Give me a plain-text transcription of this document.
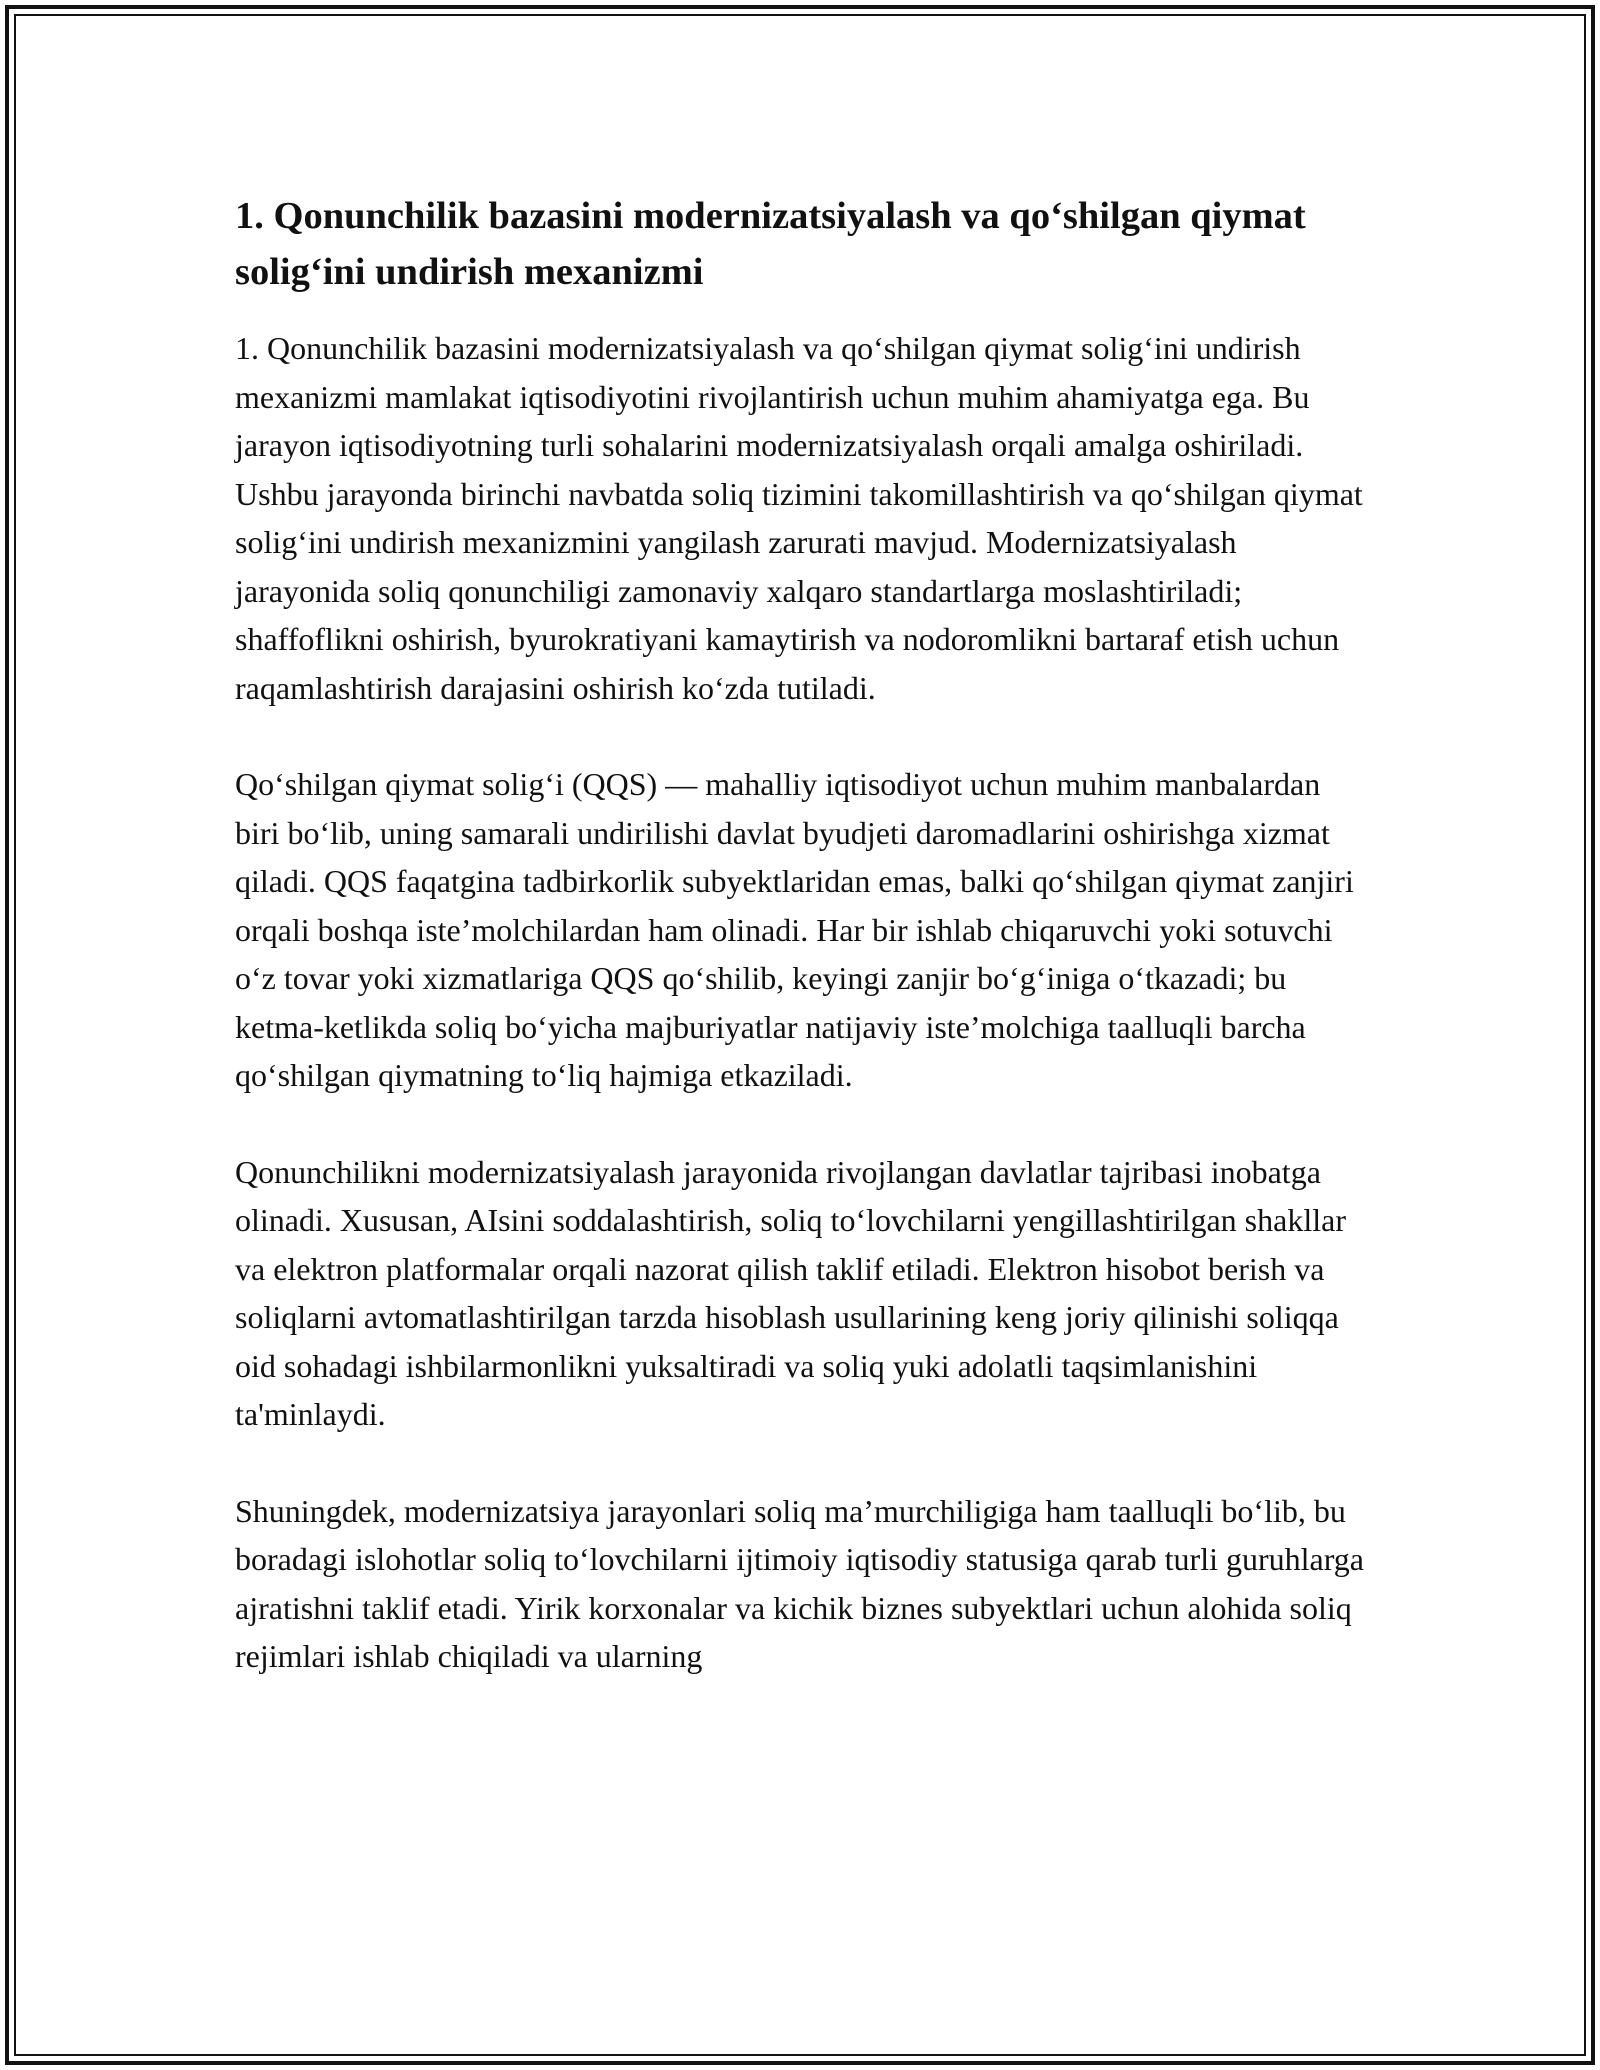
1. Qonunchilik bazasini modernizatsiyalash va qo‘shilgan qiymat solig‘ini undirish mexanizmi

1. Qonunchilik bazasini modernizatsiyalash va qo‘shilgan qiymat solig‘ini undirish mexanizmi mamlakat iqtisodiyotini rivojlantirish uchun muhim ahamiyatga ega. Bu jarayon iqtisodiyotning turli sohalarini modernizatsiyalash orqali amalga oshiriladi. Ushbu jarayonda birinchi navbatda soliq tizimini takomillashtirish va qo‘shilgan qiymat solig‘ini undirish mexanizmini yangilash zarurati mavjud. Modernizatsiyalash jarayonida soliq qonunchiligi zamonaviy xalqaro standartlarga moslashtiriladi; shaffoflikni oshirish, byurokratiyani kamaytirish va nodoromlikni bartaraf etish uchun raqamlashtirish darajasini oshirish ko‘zda tutiladi.

Qo‘shilgan qiymat solig‘i (QQS) — mahalliy iqtisodiyot uchun muhim manbalardan biri bo‘lib, uning samarali undirilishi davlat byudjeti daromadlarini oshirishga xizmat qiladi. QQS faqatgina tadbirkorlik subyektlaridan emas, balki qo‘shilgan qiymat zanjiri orqali boshqa iste’molchilardan ham olinadi. Har bir ishlab chiqaruvchi yoki sotuvchi o‘z tovar yoki xizmatlariga QQS qo‘shilib, keyingi zanjir bo‘g‘iniga o‘tkazadi; bu ketma-ketlikda soliq bo‘yicha majburiyatlar natijaviy iste’molchiga taalluqli barcha qo‘shilgan qiymatning to‘liq hajmiga etkaziladi.

Qonunchilikni modernizatsiyalash jarayonida rivojlangan davlatlar tajribasi inobatga olinadi. Xususan, AIsini soddalashtirish, soliq to‘lovchilarni yengillashtirilgan shakllar va elektron platformalar orqali nazorat qilish taklif etiladi. Elektron hisobot berish va soliqlarni avtomatlashtirilgan tarzda hisoblash usullarining keng joriy qilinishi soliqqa oid sohadagi ishbilarmonlikni yuksaltiradi va soliq yuki adolatli taqsimlanishini ta'minlaydi.

Shuningdek, modernizatsiya jarayonlari soliq ma’murchiligiga ham taalluqli bo‘lib, bu boradagi islohotlar soliq to‘lovchilarni ijtimoiy iqtisodiy statusiga qarab turli guruhlarga ajratishni taklif etadi. Yirik korxonalar va kichik biznes subyektlari uchun alohida soliq rejimlari ishlab chiqiladi va ularning
